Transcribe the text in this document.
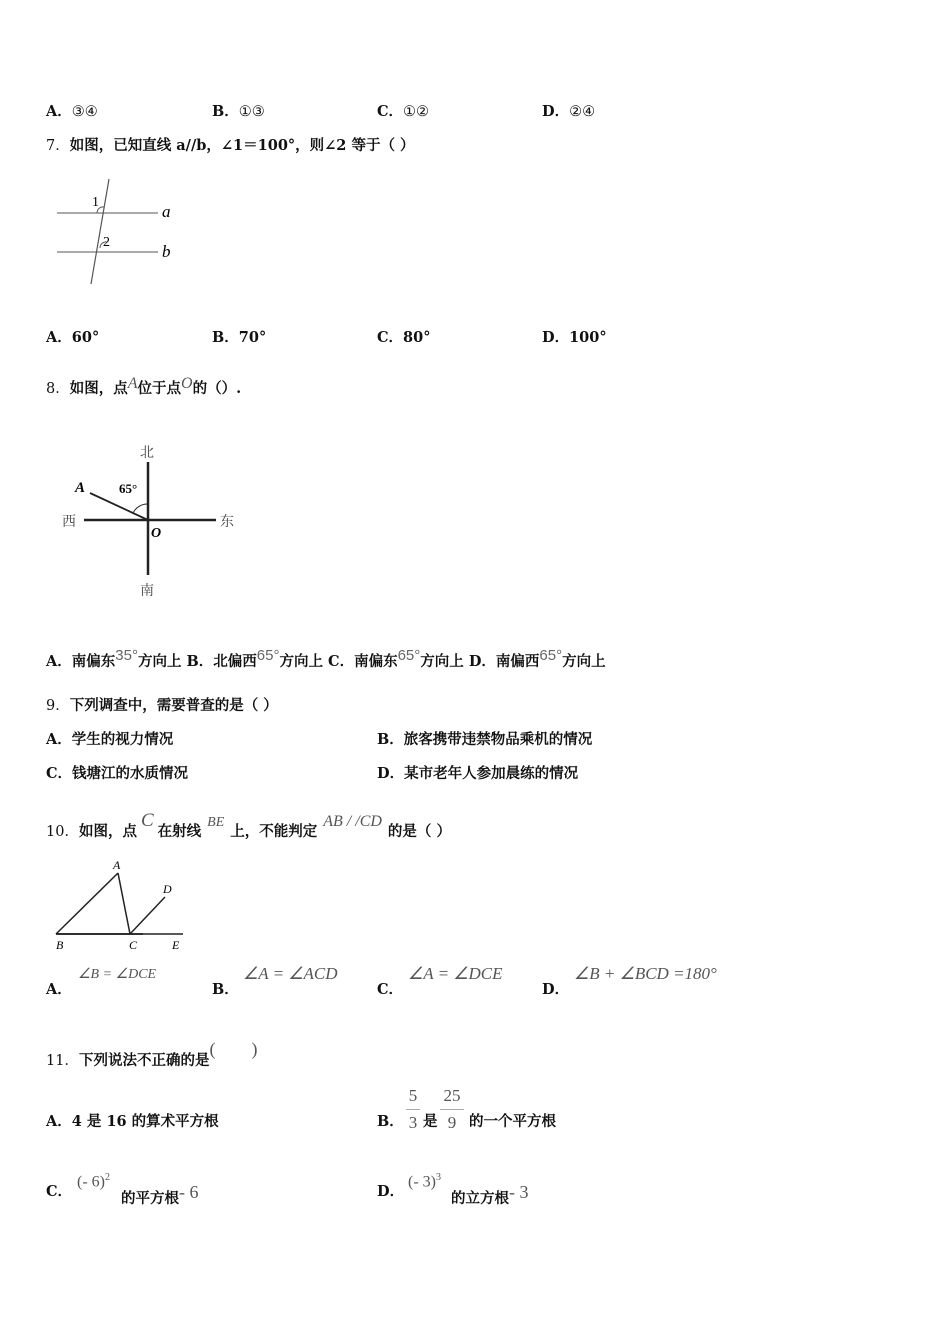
A．③④	B．①③	C．①②	D．②④
7．如图，已知直线 a//b，∠1＝100°，则∠2 等于（ ）
1
2
a
b
A．60°	B．70°	C．80°	D．100°
8．如图，点A位于点O的（）.
北
南
东
西
A
O
65°
A．南偏东35°方向上 B．北偏西65°方向上 C．南偏东65°方向上 D．南偏西65°方向上
9．下列调查中，需要普查的是（ ）
A．学生的视力情况	B．旅客携带违禁物品乘机的情况
C．钱塘江的水质情况	D．某市老年人参加晨练的情况
10．如图，点C在射线BE上，不能判定AB / /CD的是（ ）
A
B	C
D
E
A．
∠B = ∠DCE
B．
∠A = ∠ACD
C．
∠A = ∠DCE
D．
∠B + ∠BCD =180°
11．下列说法不正确的是(        )
A．4 是 16 的算术平方根	B．
5
3 是
25
9 的一个平方根
C．
(- 6)$^2$
的平方根- 6	D．
(- 3)$^3$
的立方根- 3
